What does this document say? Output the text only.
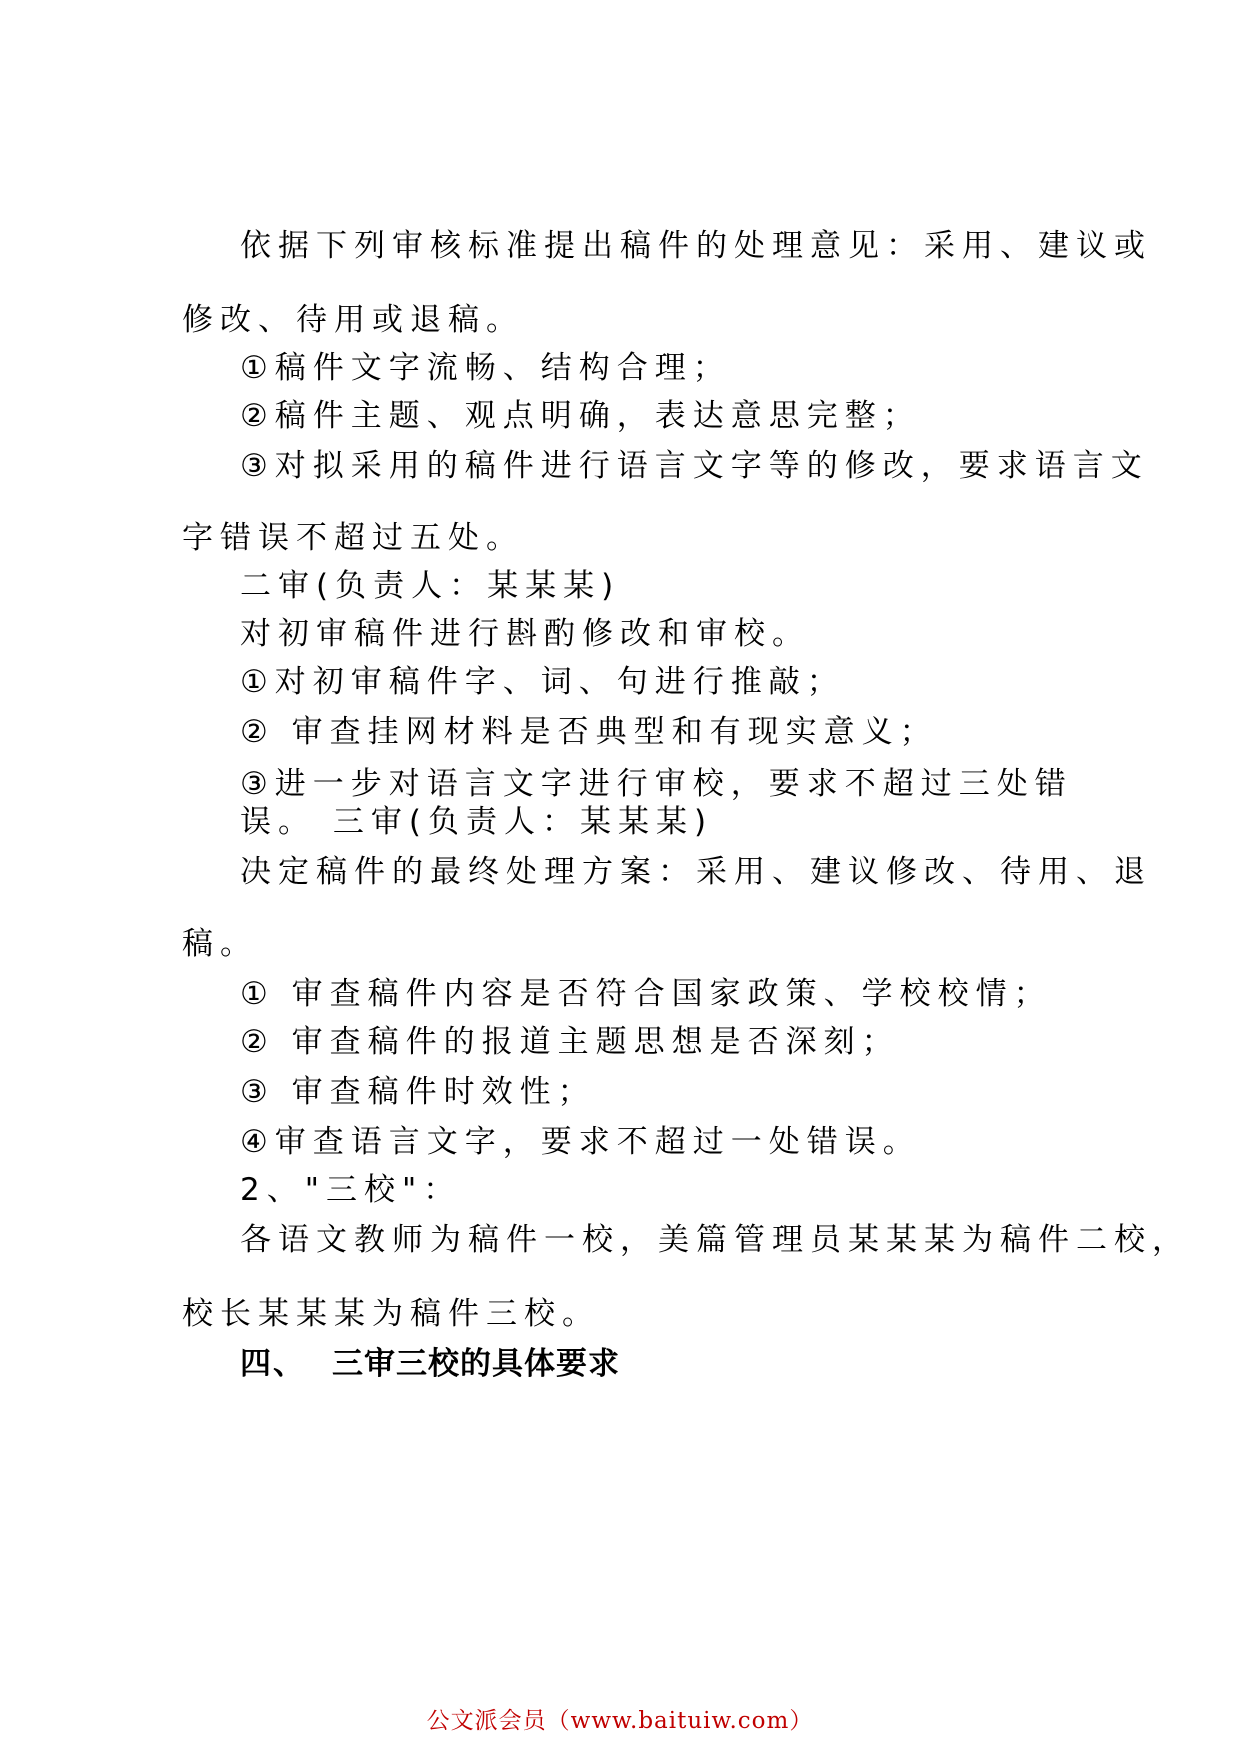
依据下列审核标准提出稿件的处理意见：采用、建议或
修改、待用或退稿。
①稿件文字流畅、结构合理；
②稿件主题、观点明确，表达意思完整；
③对拟采用的稿件进行语言文字等的修改，要求语言文
字错误不超过五处。
二审(负责人：某某某)
对初审稿件进行斟酌修改和审校。
①对初审稿件字、词、句进行推敲；
② 审查挂网材料是否典型和有现实意义；
③进一步对语言文字进行审校，要求不超过三处错
误。 三审(负责人：某某某)
决定稿件的最终处理方案：采用、建议修改、待用、退
稿。
① 审查稿件内容是否符合国家政策、学校校情；
② 审查稿件的报道主题思想是否深刻；
③ 审查稿件时效性；
④审查语言文字，要求不超过一处错误。
2、"三校"：
各语文教师为稿件一校，美篇管理员某某某为稿件二校，
校长某某某为稿件三校。
四、 三审三校的具体要求
公文派会员（www.baituiw.com）
